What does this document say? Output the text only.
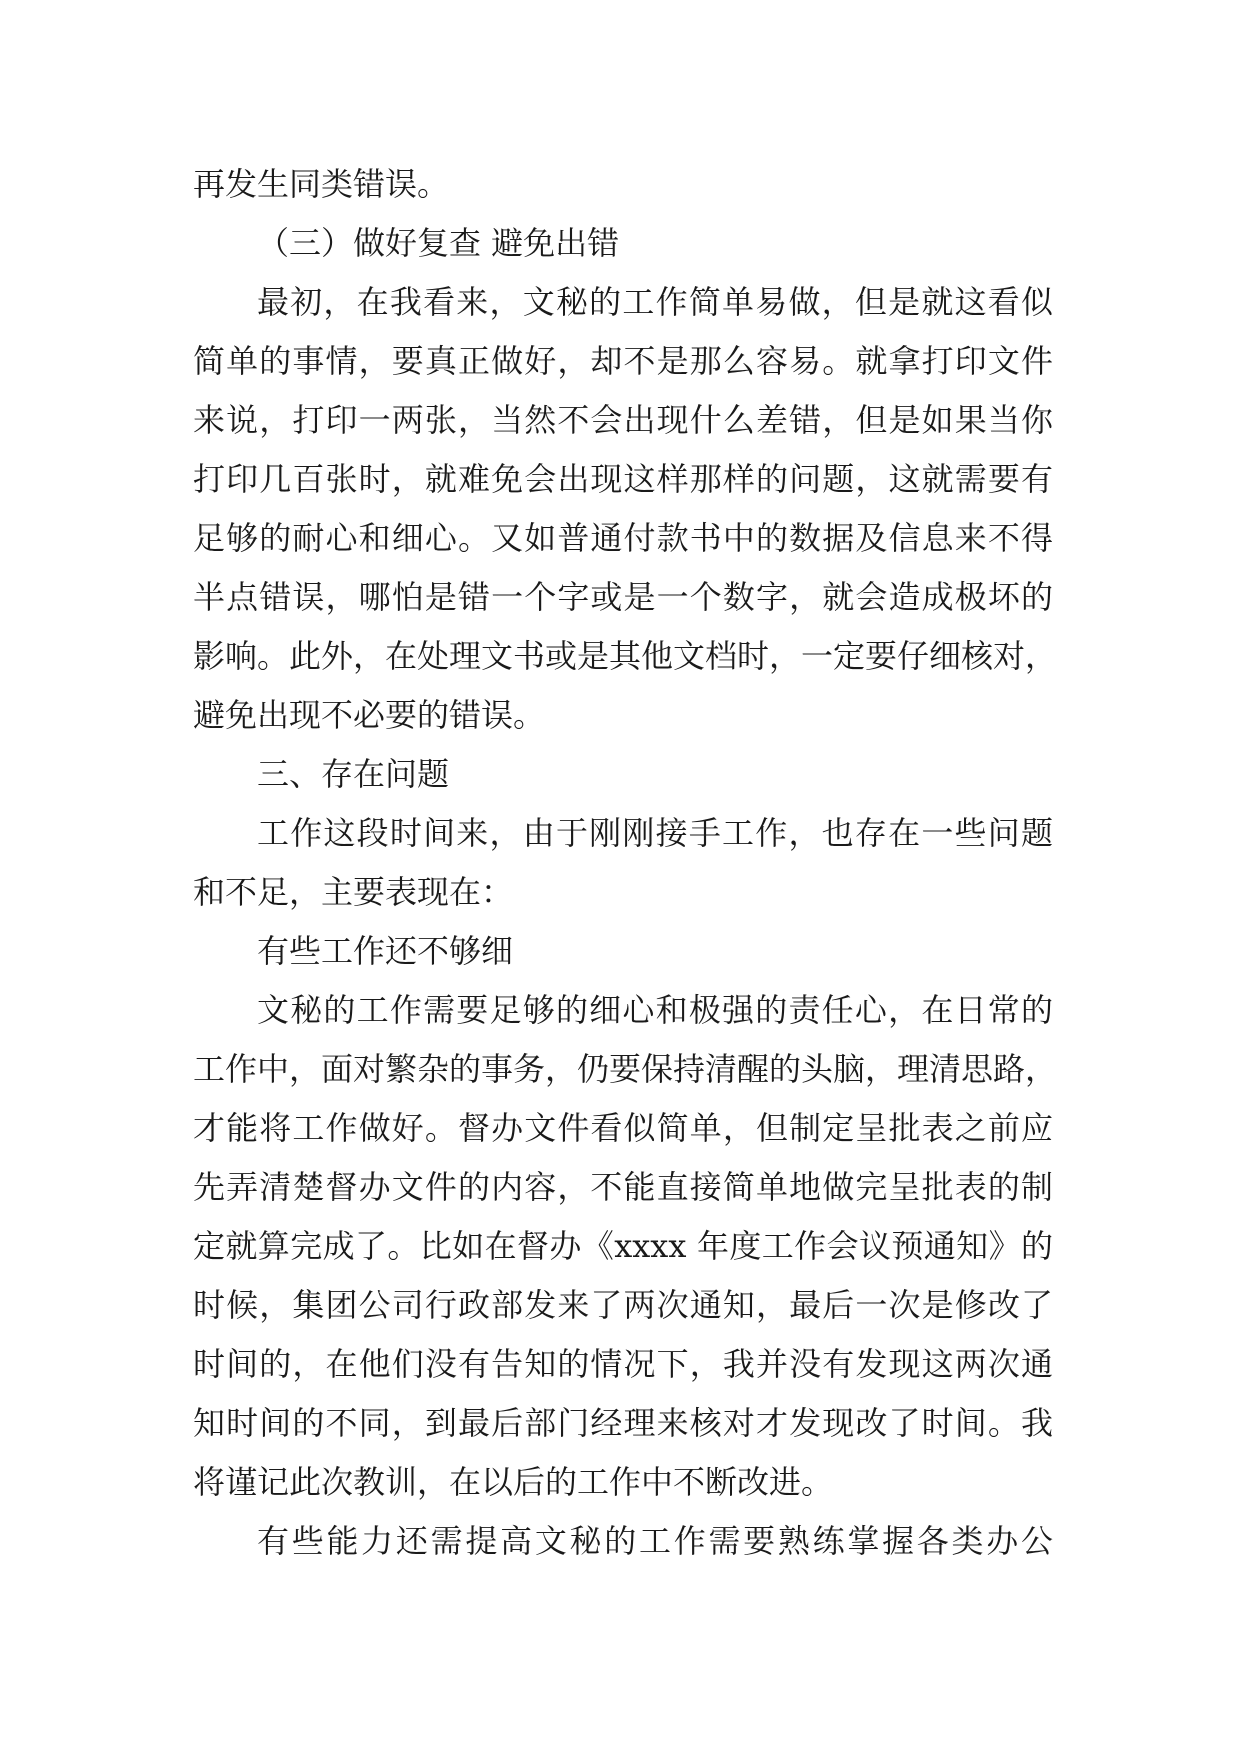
再发生同类错误。
（三）做好复查 避免出错
最初，在我看来，文秘的工作简单易做，但是就这看似
简单的事情，要真正做好，却不是那么容易。就拿打印文件
来说，打印一两张，当然不会出现什么差错，但是如果当你
打印几百张时，就难免会出现这样那样的问题，这就需要有
足够的耐心和细心。又如普通付款书中的数据及信息来不得
半点错误，哪怕是错一个字或是一个数字，就会造成极坏的
影响。此外，在处理文书或是其他文档时，一定要仔细核对，
避免出现不必要的错误。
三、存在问题
工作这段时间来，由于刚刚接手工作，也存在一些问题
和不足，主要表现在：
有些工作还不够细
文秘的工作需要足够的细心和极强的责任心，在日常的
工作中，面对繁杂的事务，仍要保持清醒的头脑，理清思路，
才能将工作做好。督办文件看似简单，但制定呈批表之前应
先弄清楚督办文件的内容，不能直接简单地做完呈批表的制
定就算完成了。比如在督办《xxxx 年度工作会议预通知》的
时候，集团公司行政部发来了两次通知，最后一次是修改了
时间的，在他们没有告知的情况下，我并没有发现这两次通
知时间的不同，到最后部门经理来核对才发现改了时间。我
将谨记此次教训，在以后的工作中不断改进。
有些能力还需提高文秘的工作需要熟练掌握各类办公
